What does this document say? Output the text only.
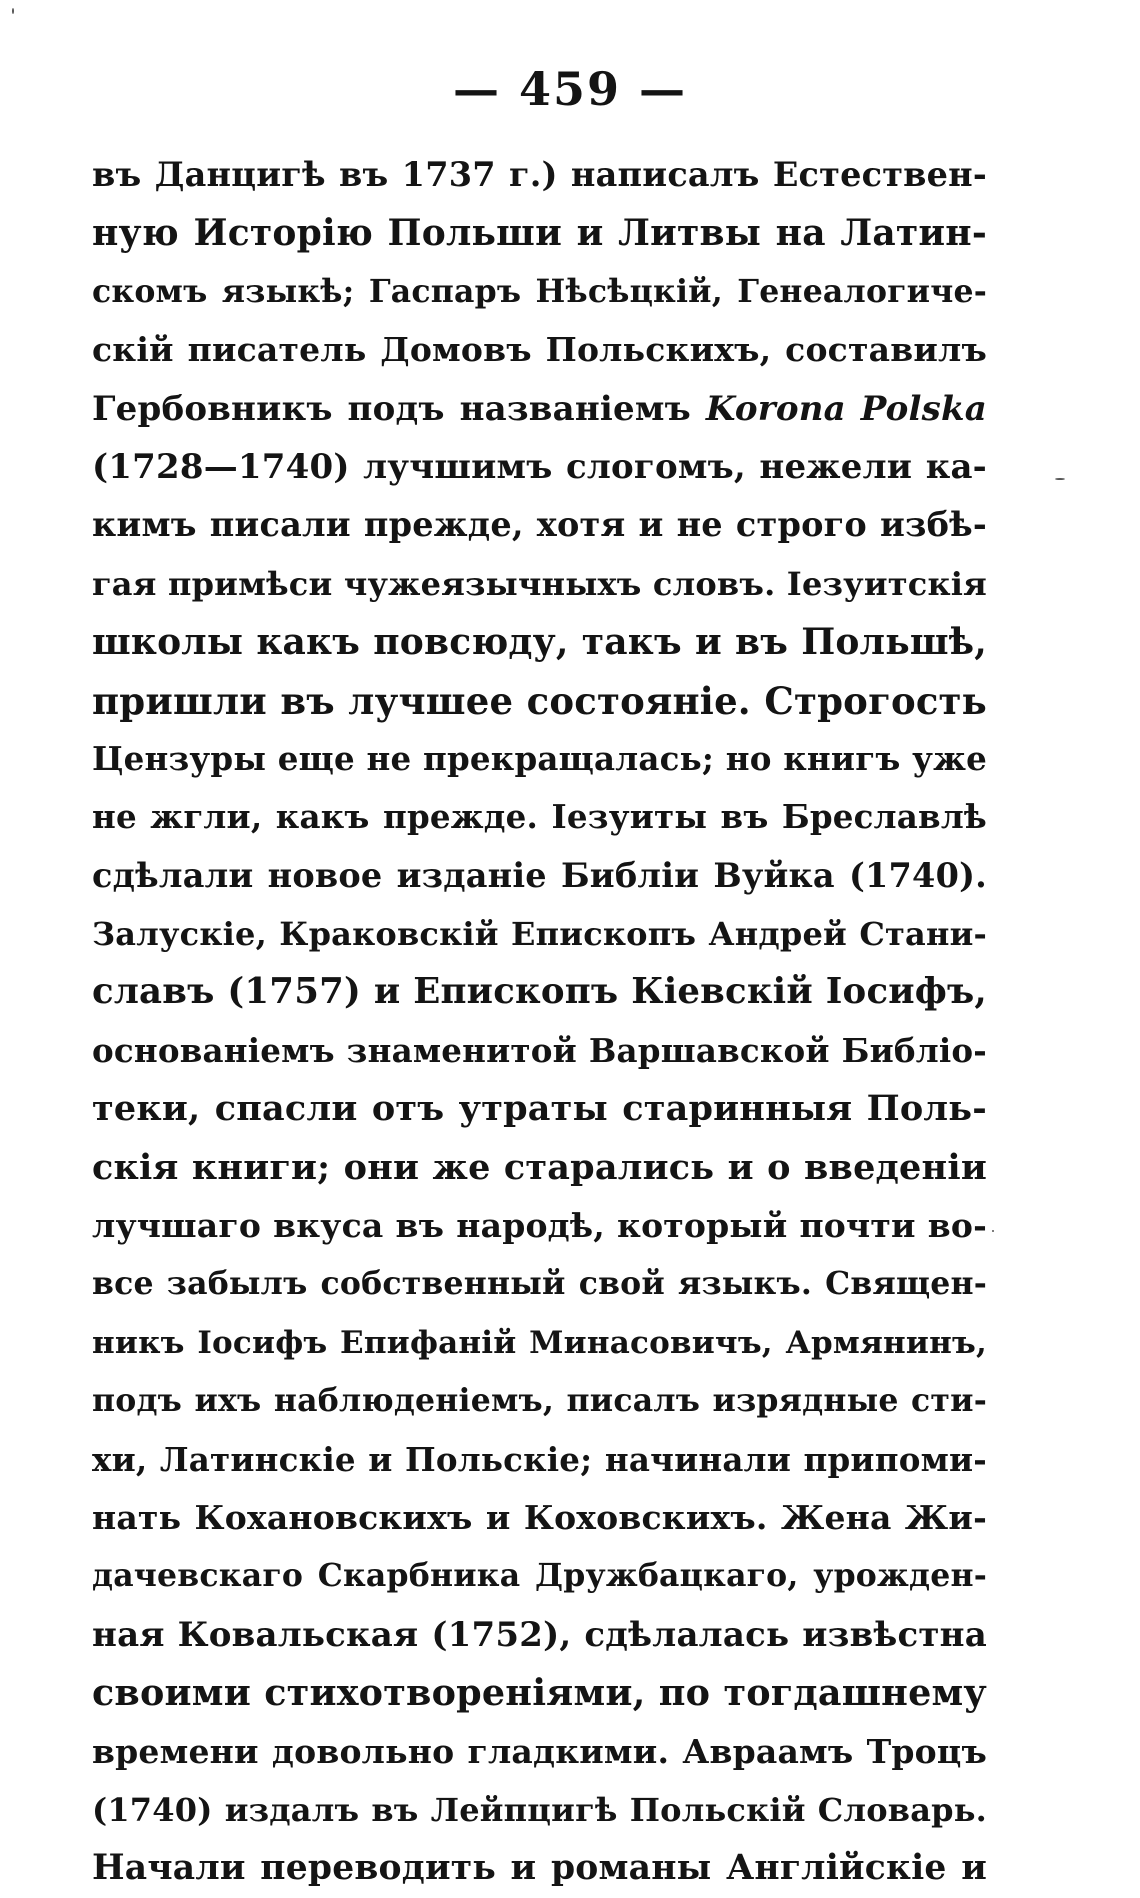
— 459 —
въ Данцигѣ въ 1737 г.) написалъ Естествен-
ную Исторію Польши и Литвы на Латин-
скомъ языкѣ; Гаспаръ Нѣсѣцкій, Генеалогиче-
скій писатель Домовъ Польскихъ, составилъ
Гербовникъ подъ названіемъ Korona Polska
(1728—1740) лучшимъ слогомъ, нежели ка-
кимъ писали прежде, хотя и не строго избѣ-
гая примѣси чужеязычныхъ словъ. Іезуитскія
школы какъ повсюду, такъ и въ Польшѣ,
пришли въ лучшее состояніе. Строгость
Цензуры еще не прекращалась; но книгъ уже
не жгли, какъ прежде. Іезуиты въ Бреславлѣ
сдѣлали новое изданіе Библіи Вуйка (1740).
Залускіе, Краковскій Епископъ Андрей Стани-
славъ (1757) и Епископъ Кіевскій Іосифъ,
основаніемъ знаменитой Варшавской Библіо-
теки, спасли отъ утраты старинныя Поль-
скія книги; они же старались и о введеніи
лучшаго вкуса въ народѣ, который почти во-
все забылъ собственный свой языкъ. Священ-
никъ Іосифъ Епифаній Минасовичъ, Армянинъ,
подъ ихъ наблюденіемъ, писалъ изрядные сти-
хи, Латинскіе и Польскіе; начинали припоми-
нать Кохановскихъ и Коховскихъ. Жена Жи-
дачевскаго Скарбника Дружбацкаго, урожден-
ная Ковальская (1752), сдѣлалась извѣстна
своими стихотвореніями, по тогдашнему
времени довольно гладкими. Авраамъ Троцъ
(1740) издалъ въ Лейпцигѣ Польскій Словарь.
Начали переводить и романы Англійскіе и
